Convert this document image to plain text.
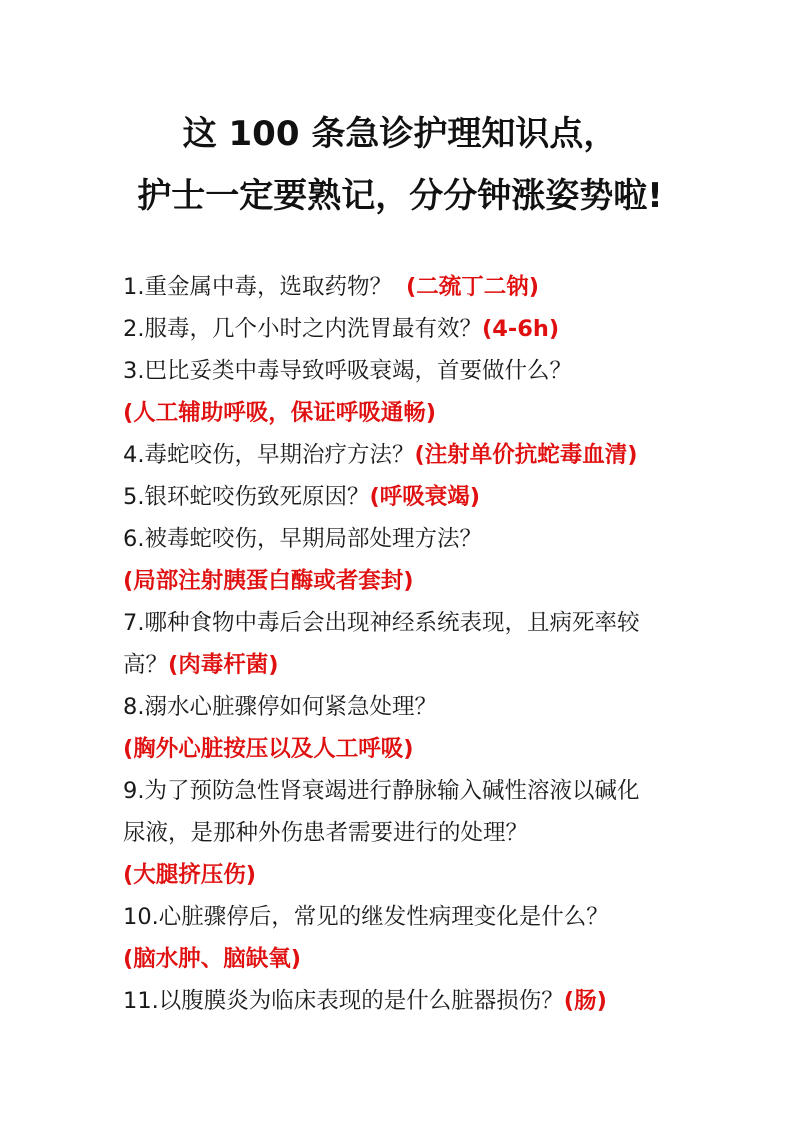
这 100 条急诊护理知识点，
护士一定要熟记，分分钟涨姿势啦!
1.重金属中毒，选取药物？ (二巯丁二钠)
2.服毒，几个小时之内洗胃最有效？(4-6h)
3.巴比妥类中毒导致呼吸衰竭，首要做什么？
(人工辅助呼吸，保证呼吸通畅)
4.毒蛇咬伤，早期治疗方法？(注射单价抗蛇毒血清)
5.银环蛇咬伤致死原因？(呼吸衰竭)
6.被毒蛇咬伤，早期局部处理方法？
(局部注射胰蛋白酶或者套封)
7.哪种食物中毒后会出现神经系统表现，且病死率较
高？(肉毒杆菌)
8.溺水心脏骤停如何紧急处理？
(胸外心脏按压以及人工呼吸)
9.为了预防急性肾衰竭进行静脉输入碱性溶液以碱化
尿液，是那种外伤患者需要进行的处理？
(大腿挤压伤)
10.心脏骤停后，常见的继发性病理变化是什么？
(脑水肿、脑缺氧)
11.以腹膜炎为临床表现的是什么脏器损伤？(肠)
